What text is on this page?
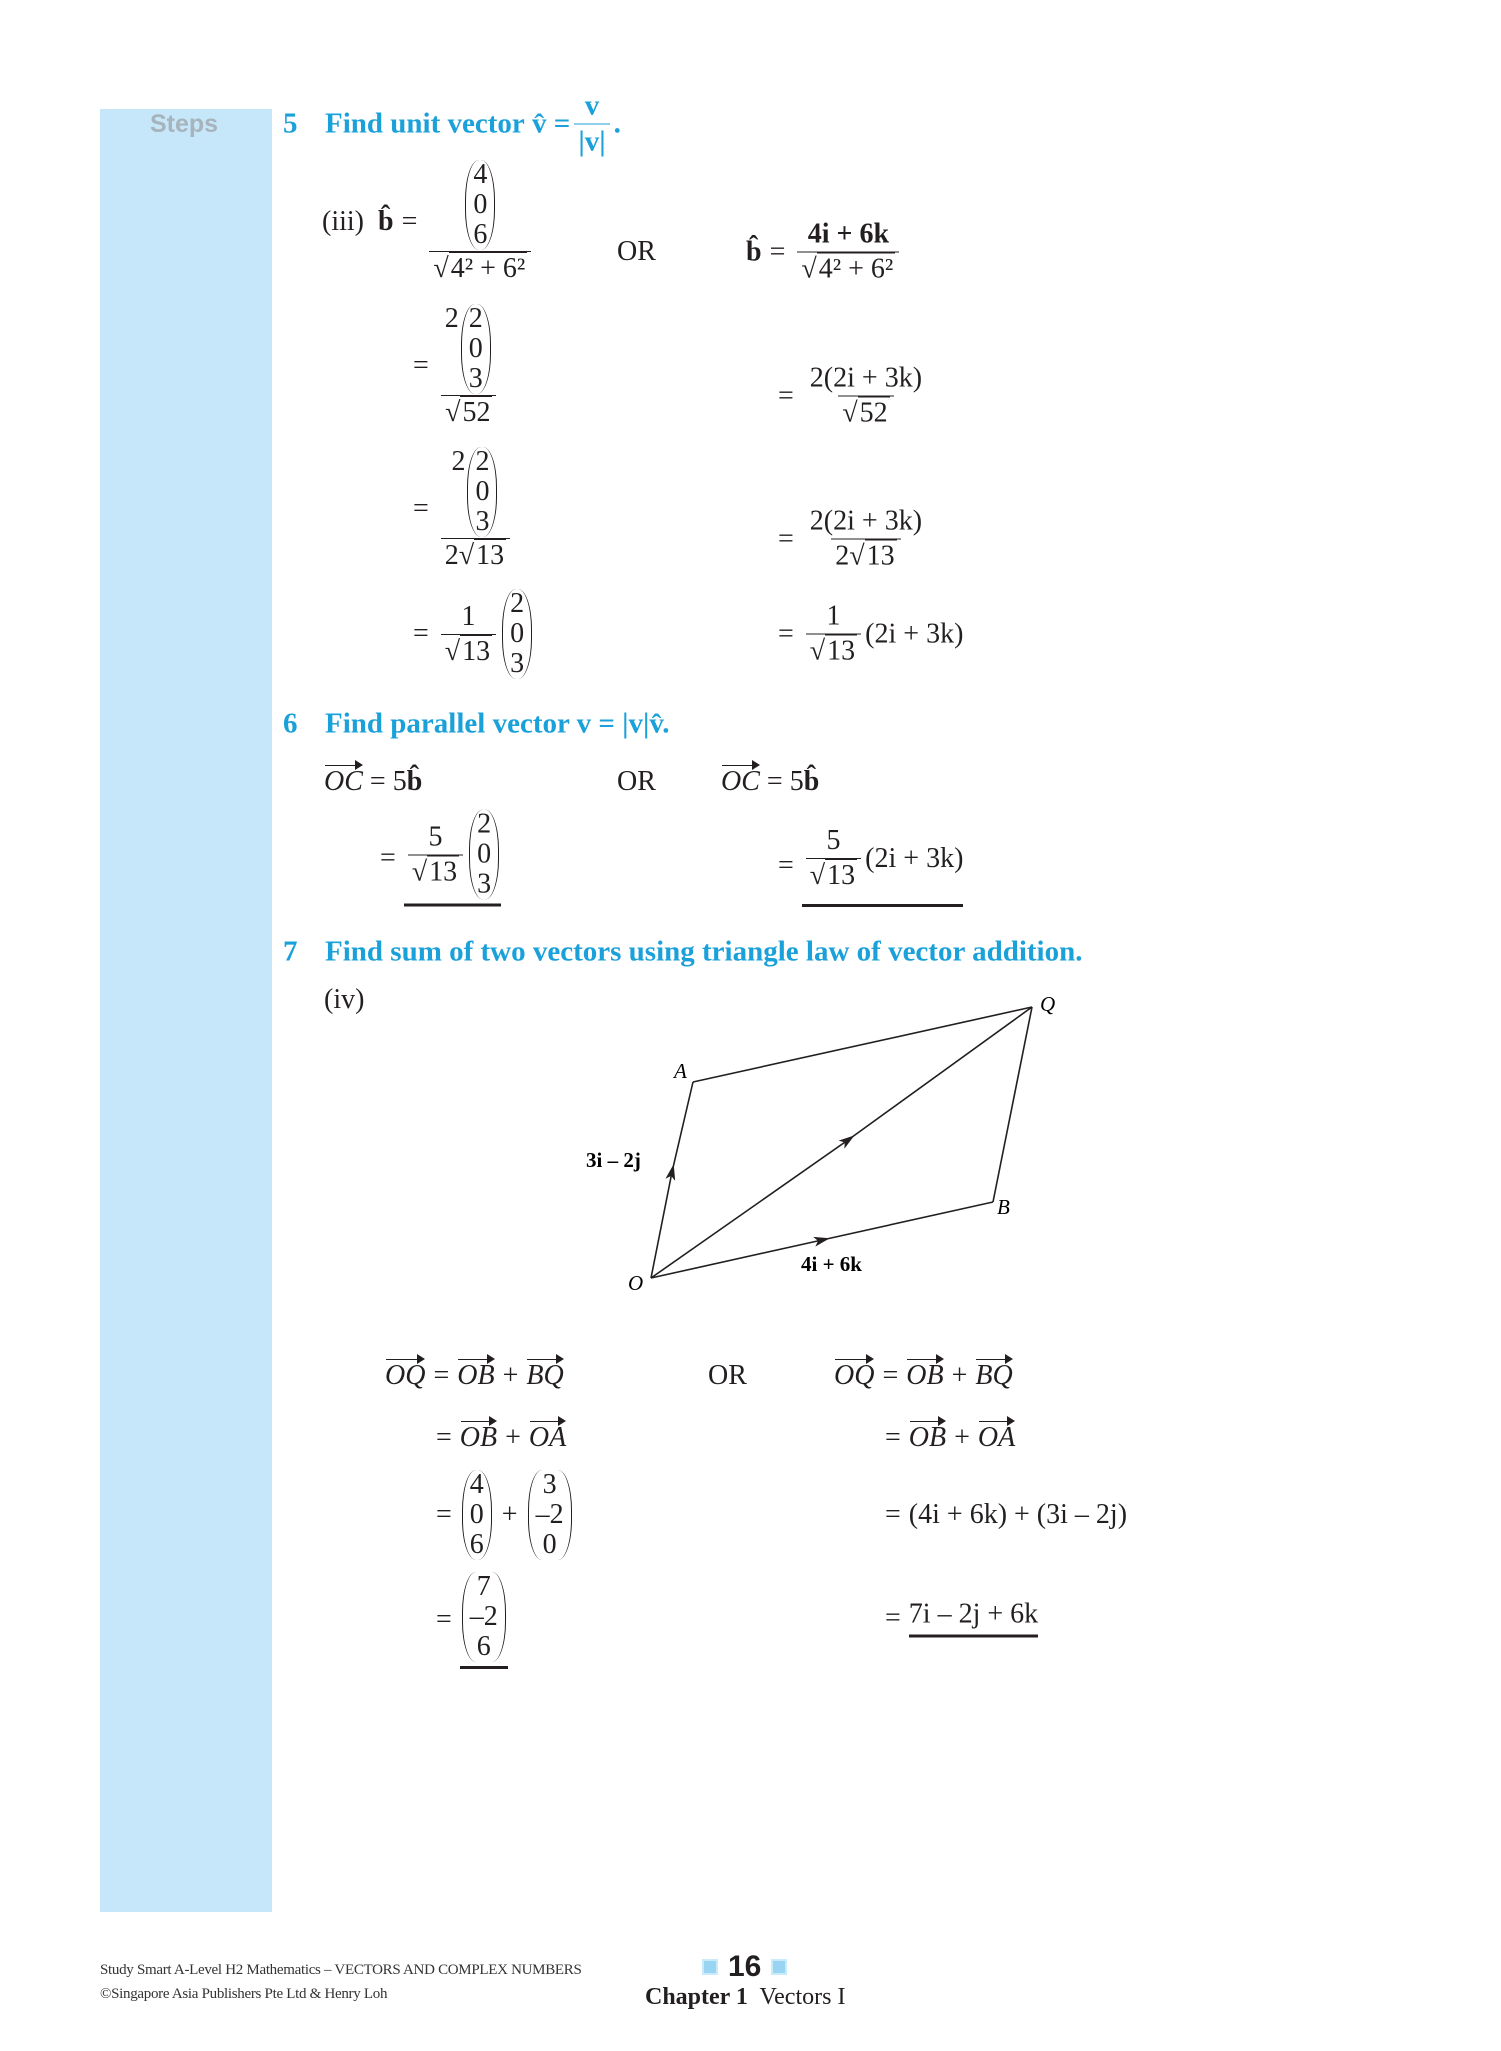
Steps 5 Find unit vector
v̂ = $\frac{v}{|v|}$ .
(iii)
b̂ = 4
0
6
√4² + 6²	OR	b̂ = $\frac{4i + 6k}{\text{√4² + 6²}}$
= 2 2
0
3
√52	= $\frac{2(2i + 3k)}{√52}$
= 2 2
0
3
2√13	= $\frac{2(2i + 3k)}{2√13}$
= $\frac{1}{√13} 2$
0
3
= $\frac{1}{√13} (2i + 3k)$
6 Find parallel vector v = |v|v̂.
OC
= 5 b̂	OR OC
= 5 b̂
= $\frac{5}{√13} 2$
0
3
= $\frac{5}{√13} (2i + 3k)$
7 Find sum of two vectors using triangle law of vector addition.
(iv)
O
A
Q
B
3i – 2j
4i + 6k
OQ = OB + BQ	OR	OQ = OB + BQ
= OB + OA	= OB + OA
=
4
0
6
+
3
–2
0
= (4i + 6k) + (3i – 2j)
=
7
–2
6
= 7i – 2j + 6k
Study Smart A-Level H2 Mathematics – VECTORS AND COMPLEX NUMBERS
©Singapore Asia Publishers Pte Ltd & Henry Loh
16
Chapter 1 Vectors I
